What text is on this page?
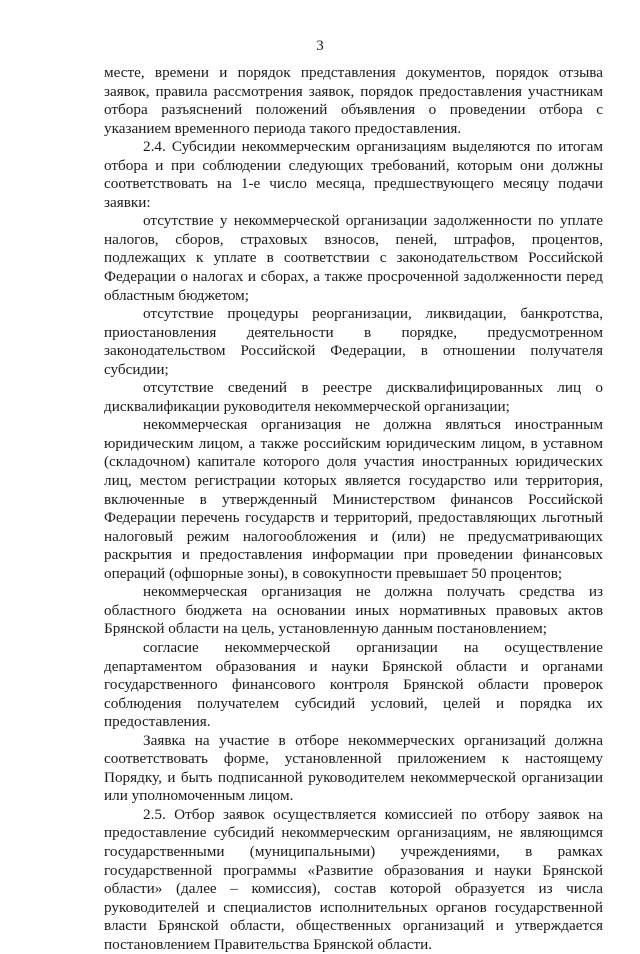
3

месте, времени и порядок представления документов, порядок отзыва заявок, правила рассмотрения заявок, порядок предоставления участникам отбора разъяснений положений объявления о проведении отбора с указанием временного периода такого предоставления.

2.4. Субсидии некоммерческим организациям выделяются по итогам отбора и при соблюдении следующих требований, которым они должны соответствовать на 1-е число месяца, предшествующего месяцу подачи заявки:

отсутствие у некоммерческой организации задолженности по уплате налогов, сборов, страховых взносов, пеней, штрафов, процентов, подлежащих к уплате в соответствии с законодательством Российской Федерации о налогах и сборах, а также просроченной задолженности перед областным бюджетом;

отсутствие процедуры реорганизации, ликвидации, банкротства, приостановления деятельности в порядке, предусмотренном законодательством Российской Федерации, в отношении получателя субсидии;

отсутствие сведений в реестре дисквалифицированных лиц о дисквалификации руководителя некоммерческой организации;

некоммерческая организация не должна являться иностранным юридическим лицом, а также российским юридическим лицом, в уставном (складочном) капитале которого доля участия иностранных юридических лиц, местом регистрации которых является государство или территория, включенные в утвержденный Министерством финансов Российской Федерации перечень государств и территорий, предоставляющих льготный налоговый режим налогообложения и (или) не предусматривающих раскрытия и предоставления информации при проведении финансовых операций (офшорные зоны), в совокупности превышает 50 процентов;

некоммерческая организация не должна получать средства из областного бюджета на основании иных нормативных правовых актов Брянской области на цель, установленную данным постановлением;

согласие некоммерческой организации на осуществление департаментом образования и науки Брянской области и органами государственного финансового контроля Брянской области проверок соблюдения получателем субсидий условий, целей и порядка их предоставления.

Заявка на участие в отборе некоммерческих организаций должна соответствовать форме, установленной приложением к настоящему Порядку, и быть подписанной руководителем некоммерческой организации или уполномоченным лицом.

2.5. Отбор заявок осуществляется комиссией по отбору заявок на предоставление субсидий некоммерческим организациям, не являющимся государственными (муниципальными) учреждениями, в рамках государственной программы «Развитие образования и науки Брянской области» (далее – комиссия), состав которой образуется из числа руководителей и специалистов исполнительных органов государственной власти Брянской области, общественных организаций и утверждается постановлением Правительства Брянской области.
